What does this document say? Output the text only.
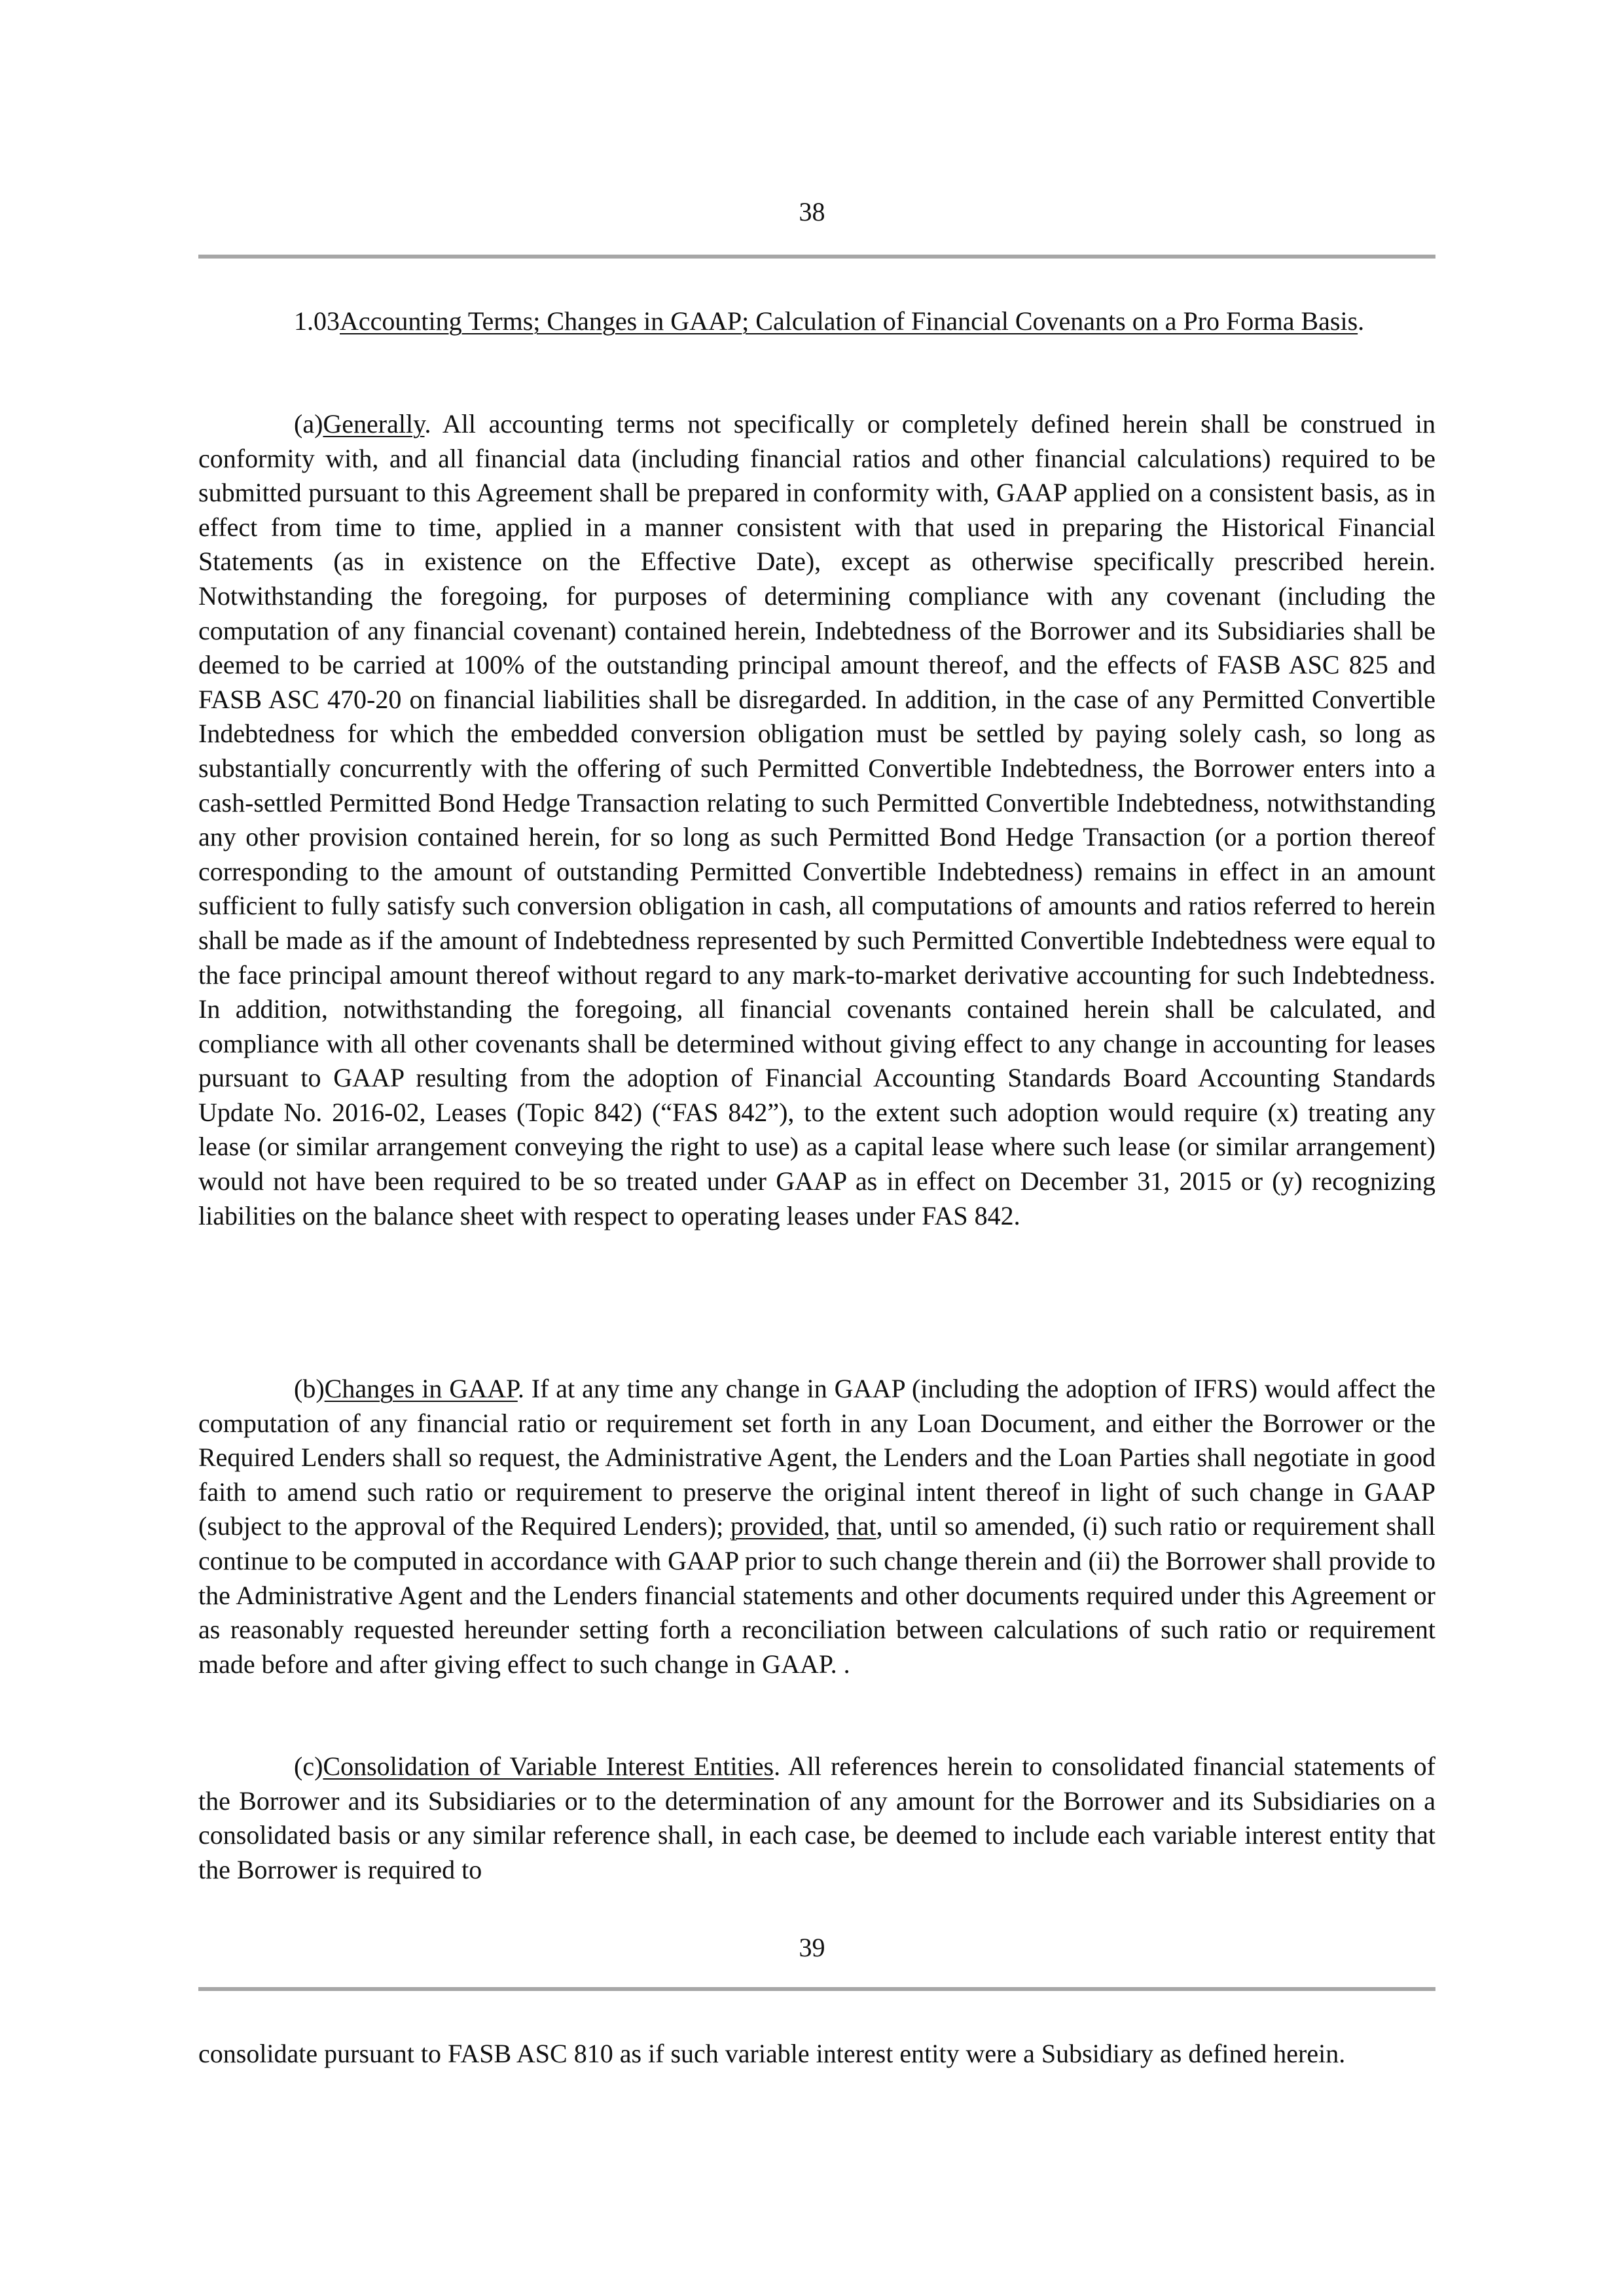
38

1.03Accounting Terms; Changes in GAAP; Calculation of Financial Covenants on a Pro Forma Basis.

(a)Generally. All accounting terms not specifically or completely defined herein shall be construed in conformity with, and all financial data (including financial ratios and other financial calculations) required to be submitted pursuant to this Agreement shall be prepared in conformity with, GAAP applied on a consistent basis, as in effect from time to time, applied in a manner consistent with that used in preparing the Historical Financial Statements (as in existence on the Effective Date), except as otherwise specifically prescribed herein. Notwithstanding the foregoing, for purposes of determining compliance with any covenant (including the computation of any financial covenant) contained herein, Indebtedness of the Borrower and its Subsidiaries shall be deemed to be carried at 100% of the outstanding principal amount thereof, and the effects of FASB ASC 825 and FASB ASC 470-20 on financial liabilities shall be disregarded. In addition, in the case of any Permitted Convertible Indebtedness for which the embedded conversion obligation must be settled by paying solely cash, so long as substantially concurrently with the offering of such Permitted Convertible Indebtedness, the Borrower enters into a cash-settled Permitted Bond Hedge Transaction relating to such Permitted Convertible Indebtedness, notwithstanding any other provision contained herein, for so long as such Permitted Bond Hedge Transaction (or a portion thereof corresponding to the amount of outstanding Permitted Convertible Indebtedness) remains in effect in an amount sufficient to fully satisfy such conversion obligation in cash, all computations of amounts and ratios referred to herein shall be made as if the amount of Indebtedness represented by such Permitted Convertible Indebtedness were equal to the face principal amount thereof without regard to any mark-to-market derivative accounting for such Indebtedness. In addition, notwithstanding the foregoing, all financial covenants contained herein shall be calculated, and compliance with all other covenants shall be determined without giving effect to any change in accounting for leases pursuant to GAAP resulting from the adoption of Financial Accounting Standards Board Accounting Standards Update No. 2016-02, Leases (Topic 842) (“FAS 842”), to the extent such adoption would require (x) treating any lease (or similar arrangement conveying the right to use) as a capital lease where such lease (or similar arrangement) would not have been required to be so treated under GAAP as in effect on December 31, 2015 or (y) recognizing liabilities on the balance sheet with respect to operating leases under FAS 842.

(b)Changes in GAAP. If at any time any change in GAAP (including the adoption of IFRS) would affect the computation of any financial ratio or requirement set forth in any Loan Document, and either the Borrower or the Required Lenders shall so request, the Administrative Agent, the Lenders and the Loan Parties shall negotiate in good faith to amend such ratio or requirement to preserve the original intent thereof in light of such change in GAAP (subject to the approval of the Required Lenders); provided, that, until so amended, (i) such ratio or requirement shall continue to be computed in accordance with GAAP prior to such change therein and (ii) the Borrower shall provide to the Administrative Agent and the Lenders financial statements and other documents required under this Agreement or as reasonably requested hereunder setting forth a reconciliation between calculations of such ratio or requirement made before and after giving effect to such change in GAAP. .

(c)Consolidation of Variable Interest Entities. All references herein to consolidated financial statements of the Borrower and its Subsidiaries or to the determination of any amount for the Borrower and its Subsidiaries on a consolidated basis or any similar reference shall, in each case, be deemed to include each variable interest entity that the Borrower is required to

39

consolidate pursuant to FASB ASC 810 as if such variable interest entity were a Subsidiary as defined herein.
